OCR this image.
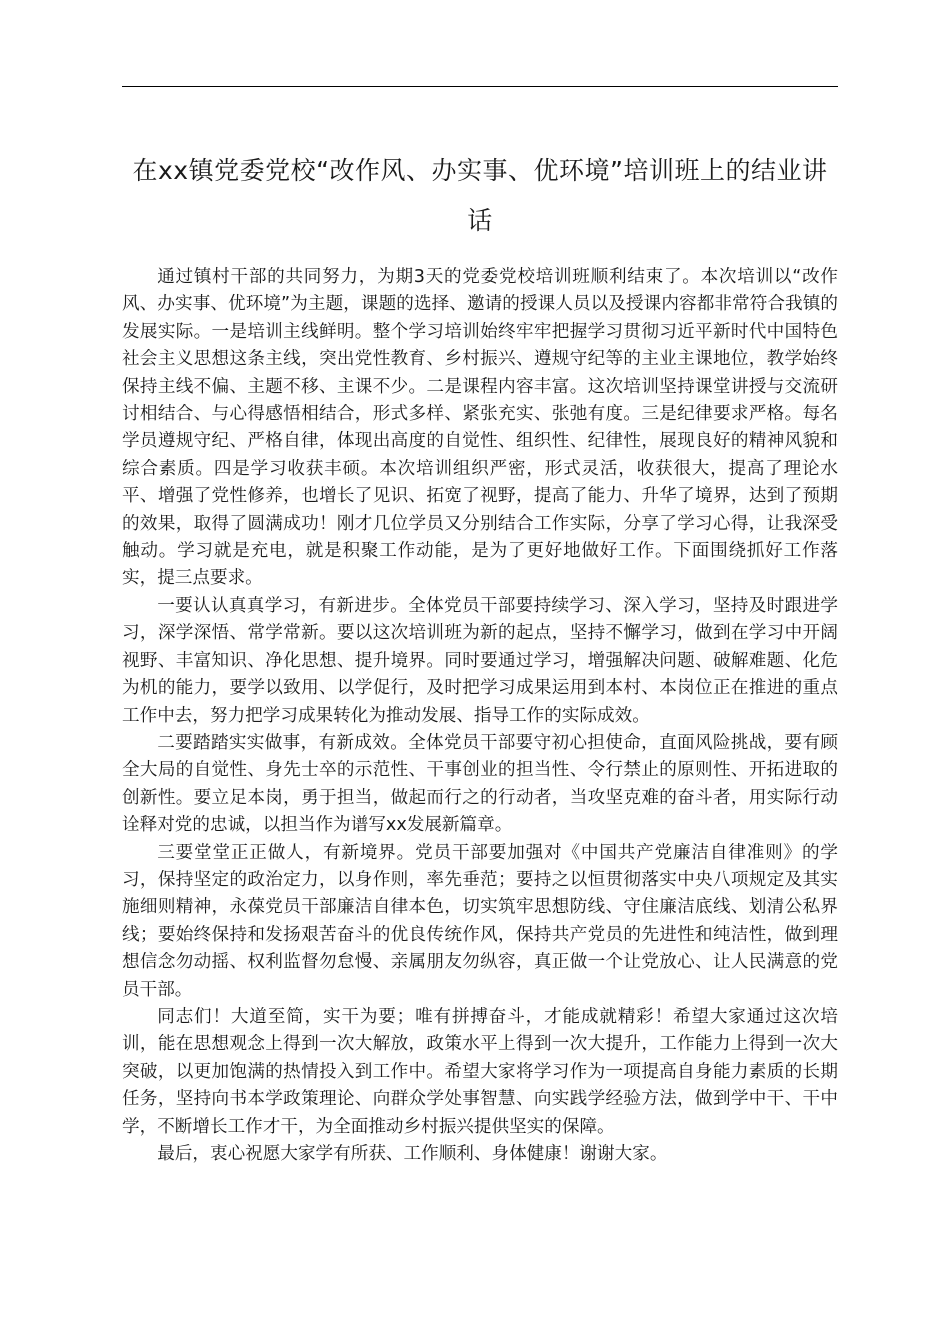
在xx镇党委党校“改作风、办实事、优环境”培训班上的结业讲话

通过镇村干部的共同努力，为期3天的党委党校培训班顺利结束了。本次培训以“改作风、办实事、优环境”为主题，课题的选择、邀请的授课人员以及授课内容都非常符合我镇的发展实际。一是培训主线鲜明。整个学习培训始终牢牢把握学习贯彻习近平新时代中国特色社会主义思想这条主线，突出党性教育、乡村振兴、遵规守纪等的主业主课地位，教学始终保持主线不偏、主题不移、主课不少。二是课程内容丰富。这次培训坚持课堂讲授与交流研讨相结合、与心得感悟相结合，形式多样、紧张充实、张弛有度。三是纪律要求严格。每名学员遵规守纪、严格自律，体现出高度的自觉性、组织性、纪律性，展现良好的精神风貌和综合素质。四是学习收获丰硕。本次培训组织严密，形式灵活，收获很大，提高了理论水平、增强了党性修养，也增长了见识、拓宽了视野，提高了能力、升华了境界，达到了预期的效果，取得了圆满成功！刚才几位学员又分别结合工作实际，分享了学习心得，让我深受触动。学习就是充电，就是积聚工作动能，是为了更好地做好工作。下面围绕抓好工作落实，提三点要求。

一要认认真真学习，有新进步。全体党员干部要持续学习、深入学习，坚持及时跟进学习，深学深悟、常学常新。要以这次培训班为新的起点，坚持不懈学习，做到在学习中开阔视野、丰富知识、净化思想、提升境界。同时要通过学习，增强解决问题、破解难题、化危为机的能力，要学以致用、以学促行，及时把学习成果运用到本村、本岗位正在推进的重点工作中去，努力把学习成果转化为推动发展、指导工作的实际成效。

二要踏踏实实做事，有新成效。全体党员干部要守初心担使命，直面风险挑战，要有顾全大局的自觉性、身先士卒的示范性、干事创业的担当性、令行禁止的原则性、开拓进取的创新性。要立足本岗，勇于担当，做起而行之的行动者，当攻坚克难的奋斗者，用实际行动诠释对党的忠诚，以担当作为谱写xx发展新篇章。

三要堂堂正正做人，有新境界。党员干部要加强对《中国共产党廉洁自律准则》的学习，保持坚定的政治定力，以身作则，率先垂范；要持之以恒贯彻落实中央八项规定及其实施细则精神，永葆党员干部廉洁自律本色，切实筑牢思想防线、守住廉洁底线、划清公私界线；要始终保持和发扬艰苦奋斗的优良传统作风，保持共产党员的先进性和纯洁性，做到理想信念勿动摇、权利监督勿怠慢、亲属朋友勿纵容，真正做一个让党放心、让人民满意的党员干部。

同志们！大道至简，实干为要；唯有拼搏奋斗，才能成就精彩！希望大家通过这次培训，能在思想观念上得到一次大解放，政策水平上得到一次大提升，工作能力上得到一次大突破，以更加饱满的热情投入到工作中。希望大家将学习作为一项提高自身能力素质的长期任务，坚持向书本学政策理论、向群众学处事智慧、向实践学经验方法，做到学中干、干中学，不断增长工作才干，为全面推动乡村振兴提供坚实的保障。

最后，衷心祝愿大家学有所获、工作顺利、身体健康！谢谢大家。
